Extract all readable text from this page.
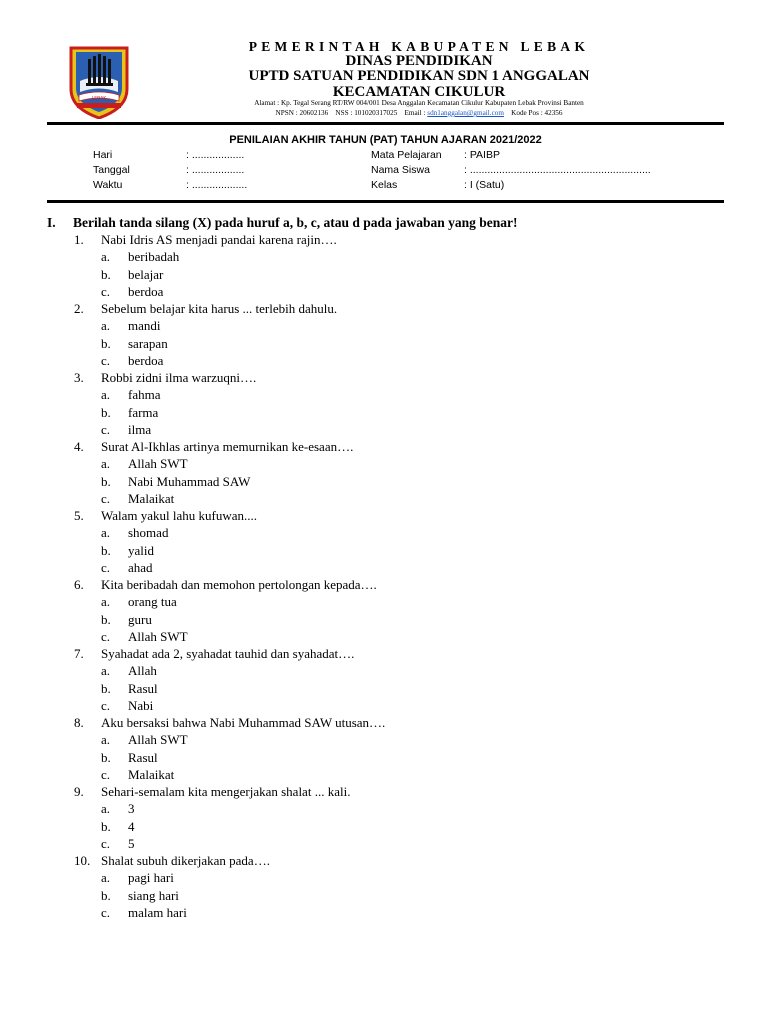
LEBAK
PEMERINTAH KABUPATEN LEBAK
DINAS PENDIDIKAN
UPTD SATUAN PENDIDIKAN SDN 1 ANGGALAN
KECAMATAN CIKULUR
Alamat : Kp. Tegal Serang RT/RW 004/001 Desa Anggalan Kecamatan Cikulur Kabupaten Lebak Provinsi Banten
NPSN : 20602136 NSS : 101020317025 Email : sdn1anggalan@gmail.com Kode Pos : 42356
PENILAIAN AKHIR TAHUN (PAT) TAHUN AJARAN 2021/2022
Hari	: ..................	Mata Pelajaran : PAIBP
Tanggal	: ..................	Nama Siswa	: ..............................................................
Waktu	: ...................	Kelas	: I (Satu)
I. Berilah tanda silang (X) pada huruf a, b, c, atau d pada jawaban yang benar!
1. Nabi Idris AS menjadi pandai karena rajin….
a. beribadah
b. belajar
c. berdoa
2. Sebelum belajar kita harus ... terlebih dahulu.
a. mandi
b. sarapan
c. berdoa
3. Robbi zidni ilma warzuqni….
a. fahma
b. farma
c. ilma
4. Surat Al-Ikhlas artinya memurnikan ke-esaan….
a. Allah SWT
b. Nabi Muhammad SAW
c. Malaikat
5. Walam yakul lahu kufuwan....
a. shomad
b. yalid
c. ahad
6. Kita beribadah dan memohon pertolongan kepada….
a. orang tua
b. guru
c. Allah SWT
7. Syahadat ada 2, syahadat tauhid dan syahadat….
a. Allah
b. Rasul
c. Nabi
8. Aku bersaksi bahwa Nabi Muhammad SAW utusan….
a. Allah SWT
b. Rasul
c. Malaikat
9. Sehari-semalam kita mengerjakan shalat ... kali.
a. 3
b. 4
c. 5
10. Shalat subuh dikerjakan pada….
a. pagi hari
b. siang hari
c. malam hari
